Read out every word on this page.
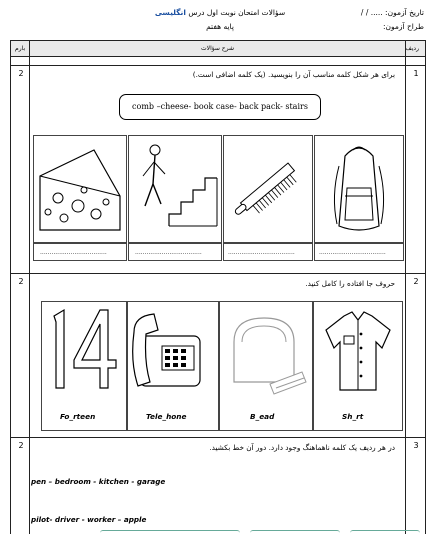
تاریخ آزمون: ..... / /
طراح آزمون:
سؤالات امتحان نوبت اول درس انگلیسی
پایه هفتم
ردیف
شرح سؤالات
بارم
1
2	برای هر شکل کلمه مناسب آن را بنویسید. (یک کلمه اضافی است.)
comb –cheese- book case- back pack- stairs
...................................	...................................	...................................	...................................
2
2	حروف جا افتاده را کامل کنید.
Fo_rteen	Tele_hone	B_ead	Sh_rt
3
2	در هر ردیف یک کلمه ناهماهنگ وجود دارد. دور آن خط بکشید.
pen – bedroom - kitchen - garage
pilot- driver - worker – apple
